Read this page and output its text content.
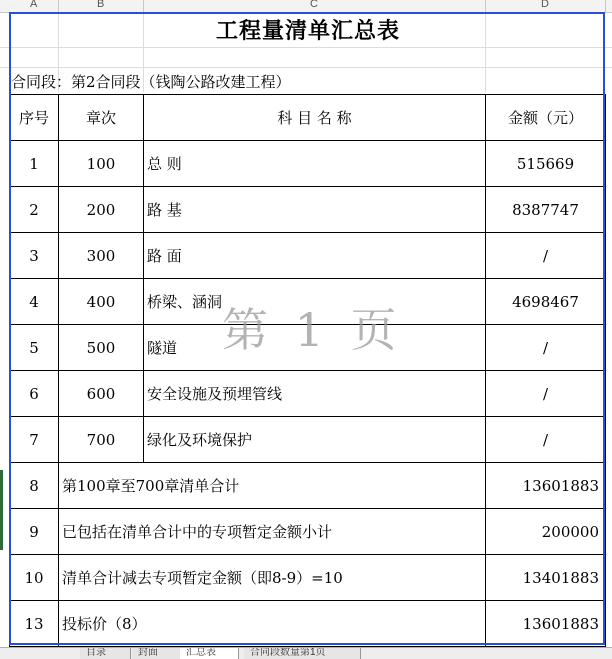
A	B	C	D
工程量清单汇总表
合同段：第2合同段（钱陶公路改建工程）
序号	章次	科 目 名 称	金额（元）
1	100	总 则	515669
2	200	路 基	8387747
3	300	路 面	/
4	400	桥梁、涵洞	4698467
5	500	隧道	/
6	600	安全设施及预埋管线	/
7	700	绿化及环境保护	/
8	第100章至700章清单合计		13601883
9	已包括在清单合计中的专项暂定金额小计		200000
10	清单合计减去专项暂定金额（即8-9）=10		13401883
13	投标价（8）		13601883
第 1 页
目录	封面	汇总表	合同段数量第1页
